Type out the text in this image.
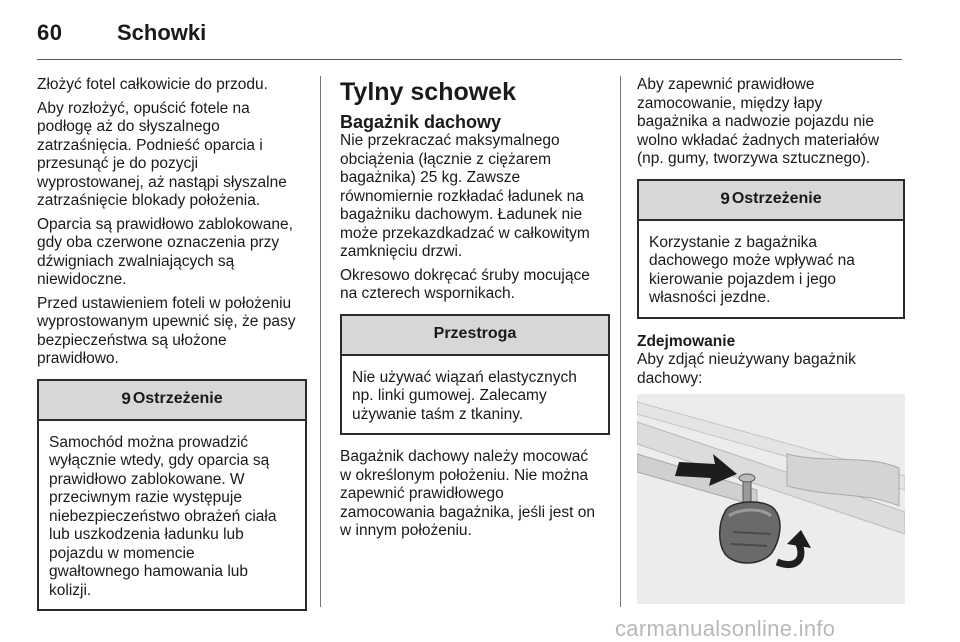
60 Schowki

Złożyć fotel całkowicie do przodu.

Aby rozłożyć, opuścić fotele na
podłogę aż do słyszalnego
zatrzaśnięcia. Podnieść oparcia i
przesunąć je do pozycji
wyprostowanej, aż nastąpi słyszalne
zatrzaśnięcie blokady położenia.

Oparcia są prawidłowo zablokowane,
gdy oba czerwone oznaczenia przy
dźwigniach zwalniających są
niewidoczne.

Przed ustawieniem foteli w położeniu
wyprostowanym upewnić się, że pasy
bezpieczeństwa są ułożone
prawidłowo.

9 Ostrzeżenie
Samochód można prowadzić
wyłącznie wtedy, gdy oparcia są
prawidłowo zablokowane. W
przeciwnym razie występuje
niebezpieczeństwo obrażeń ciała
lub uszkodzenia ładunku lub
pojazdu w momencie
gwałtownego hamowania lub
kolizji.
Tylny schowek
Bagażnik dachowy

Nie przekraczać maksymalnego
obciążenia (łącznie z ciężarem
bagażnika) 25 kg. Zawsze
równomiernie rozkładać ładunek na
bagażniku dachowym. Ładunek nie
może przekazdkadzać w całkowitym
zamknięciu drzwi.

Okresowo dokręcać śruby mocujące
na czterech wspornikach.

Przestroga
Nie używać wiązań elastycznych
np. linki gumowej. Zalecamy
używanie taśm z tkaniny.

Bagażnik dachowy należy mocować
w określonym położeniu. Nie można
zapewnić prawidłowego
zamocowania bagażnika, jeśli jest on
w innym położeniu.

Aby zapewnić prawidłowe
zamocowanie, między łapy
bagażnika a nadwozie pojazdu nie
wolno wkładać żadnych materiałów
(np. gumy, tworzywa sztucznego).

9 Ostrzeżenie
Korzystanie z bagażnika
dachowego może wpływać na
kierowanie pojazdem i jego
własności jezdne.
Zdejmowanie

Aby zdjąć nieużywany bagażnik
dachowy:

carmanualsonline.info
